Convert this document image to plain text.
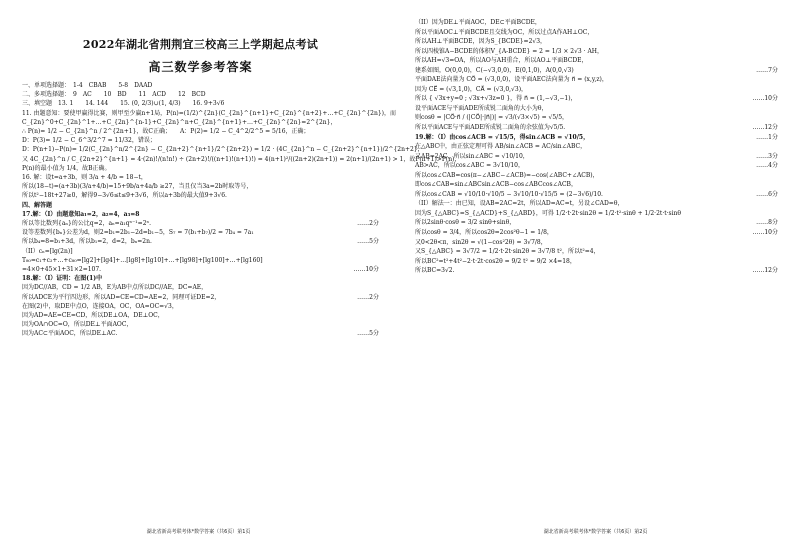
2022年湖北省荆荆宜三校高三上学期起点考试
高三数学参考答案
一、单项选择题：　1-4　CBAB　　5-8　DAAD
二、多项选择题：　9　AC　　10　BD　　11　ACD　　12　BCD
三、填空题　13. 1　　14. 144　　15. (0, 2/3)∪(1, 4/3)　　16. 9+3√6
11. 由题意知：要使甲赢得比赛，则甲至少赢n+1局，P(n)=(1/2)^{2n}(C_{2n}^{n+1}+C_{2n}^{n+2}+…+C_{2n}^{2n})，而
C_{2n}^0+C_{2n}^1+…+C_{2n}^{n-1}+C_{2n}^n+C_{2n}^{n+1}+…+C_{2n}^{2n}=2^{2n}，
∴ P(n)= 1/2 − C_{2n}^n / 2^{2n+1}，故C正确；　　A：P(2)= 1/2 − C_4^2/2^5 = 5/16，正确；
D：P(3)= 1/2 − C_6^3/2^7 = 11/32，错误；
D：P(n+1)−P(n)= 1/2(C_{2n}^n/2^{2n} − C_{2n+2}^{n+1}/2^{2n+2}) = 1/2 · (4C_{2n}^n − C_{2n+2}^{n+1})/2^{2n+2}，
又 4C_{2n}^n / C_{2n+2}^{n+1} = 4·(2n)!/(n!n!) ÷ (2n+2)!/((n+1)!(n+1)!) = 4(n+1)²/((2n+2)(2n+1)) = 2(n+1)/(2n+1) > 1，故P(n+1)>P(n)，
P(n)的最小值为 1/4，故B正确。
16. 解：设t=a+3b，则 3/a + 4/b = 18−t，
所以(18−t)=(a+3b)(3/a+4/b)=15+9b/a+4a/b ≥27，当且仅当3a=2b时取等号，
所以t²−18t+27≥0，解得9−3√6≤t≤9+3√6，所以a+3b的最大值9+3√6.
四、解答题
17.解：（I）由题意知a₁=2，a₂=4，a₃=8
所以等比数列{aₙ}的公比q=2，aₙ=a₁qⁿ⁻¹=2ⁿ.	……2分
设等差数列{bₙ}公差为d，则2=b₁=2b₁−2d=b₁−5，S₇ = 7(b₁+b₇)/2 = 7b₄ = 7a₁
所以b₄=8=b₁+3d，所以b₁=2，d=2，bₙ=2n.	……5分
（II）cₙ=[lg(2n)]
T₈₀=c₁+c₂+…+c₈₀=[lg2]+[lg4]+…[lg8]+[lg10]+…+[lg98]+[lg100]+…+[lg160]
=4×0+45×1+31×2=107.	……10分
18.解：（I）证明：在图(1)中
因为DC//AB，CD = 1/2 AB，E为AB中点所以DC//AE，DC=AE，
所以ADCE为平行四边形，所以AD=CE=CD=AE=2，同理可证DE=2，	……2分
在图(2)中，取DE中点O，连接OA，OC，OA=OC=√3，
因为AD=AE=CE=CD，所以DE⊥OA，DE⊥OC，
因为OA∩OC=O，所以DE⊥平面AOC，
因为AC⊂平面AOC，所以DE⊥AC.	……5分
湖北省新高考联考体*数学答案（共6页）第1页
（II）因为DE⊥平面AOC，DE⊂平面BCDE，
所以平面AOC⊥平面BCDE且交线为OC，所以过点A作AH⊥OC，
所以AH⊥平面BCDE，因为S_{BCDE}=2√3，
所以四棱锥A−BCDE的体积V_{A-BCDE} = 2 = 1/3 × 2√3 · AH，
所以AH=√3=OA，所以AO与AH重合，所以AO⊥平面BCDE，
建系如图，O(0,0,0)，C(−√3,0,0)，E(0,1,0)，A(0,0,√3)	……7分
平面DAE法向量为 CO⃗ = (√3,0,0)，设平面AEC法向量为 n⃗ = (x,y,z)，
因为 CE⃗ = (√3,1,0)，CA⃗ = (√3,0,√3)，
所以 { √3x+y=0 ; √3x+√3z=0 }，得 n⃗ = (1,−√3,−1)，	……10分
设平面ACE与平面ADE所成锐二面角的大小为θ，
则cosθ = |CO⃗·n⃗ / (|CO⃗|·|n⃗|)| = √3/(√3×√5) = √5/5，
所以平面ACE与平面ADE所成锐二面角的余弦值为√5/5.	……12分
19.解：（I）由cos∠ACB = √15/5，得sin∠ACB = √10/5，	……1分
在△ABC中，由正弦定理可得 AB/sin∠ACB = AC/sin∠ABC，
又AB=2AC，所以sin∠ABC = √10/10，	……3分
AB>AC，所以cos∠ABC = 3√10/10，	……4分
所以cos∠CAB=cos(π−∠ABC−∠ACB)=−cos(∠ABC+∠ACB)，
即cos∠CAB=sin∠ABCsin∠ACB−cos∠ABCcos∠ACB，
所以cos∠CAB = √10/10·√10/5 − 3√10/10·√15/5 = (2−3√6)/10.	……6分
（II）解法一：由已知，设AB=2AC=2t，所以AD=AC=t，另设∠CAD=θ，
因为S_{△ABC}=S_{△ACD}+S_{△ABD}，可得 1/2·t·2t·sin2θ = 1/2·t²·sinθ + 1/2·2t·t·sinθ
所以2sinθ·cosθ = 3/2 sinθ+sinθ，	……8分
所以cosθ = 3/4，所以cos2θ=2cos²θ−1 = 1/8，	……10分
又0<2θ<π，sin2θ = √(1−cos²2θ) = 3√7/8，
又S_{△ABC} = 3√7/2 = 1/2·t·2t·sin2θ = 3√7/8 t²，所以t²=4，
所以BC²=t²+4t²−2·t·2t·cos2θ = 9/2 t² = 9/2 ×4=18，
所以BC=3√2.	……12分
湖北省新高考联考体*数学答案（共6页）第2页
